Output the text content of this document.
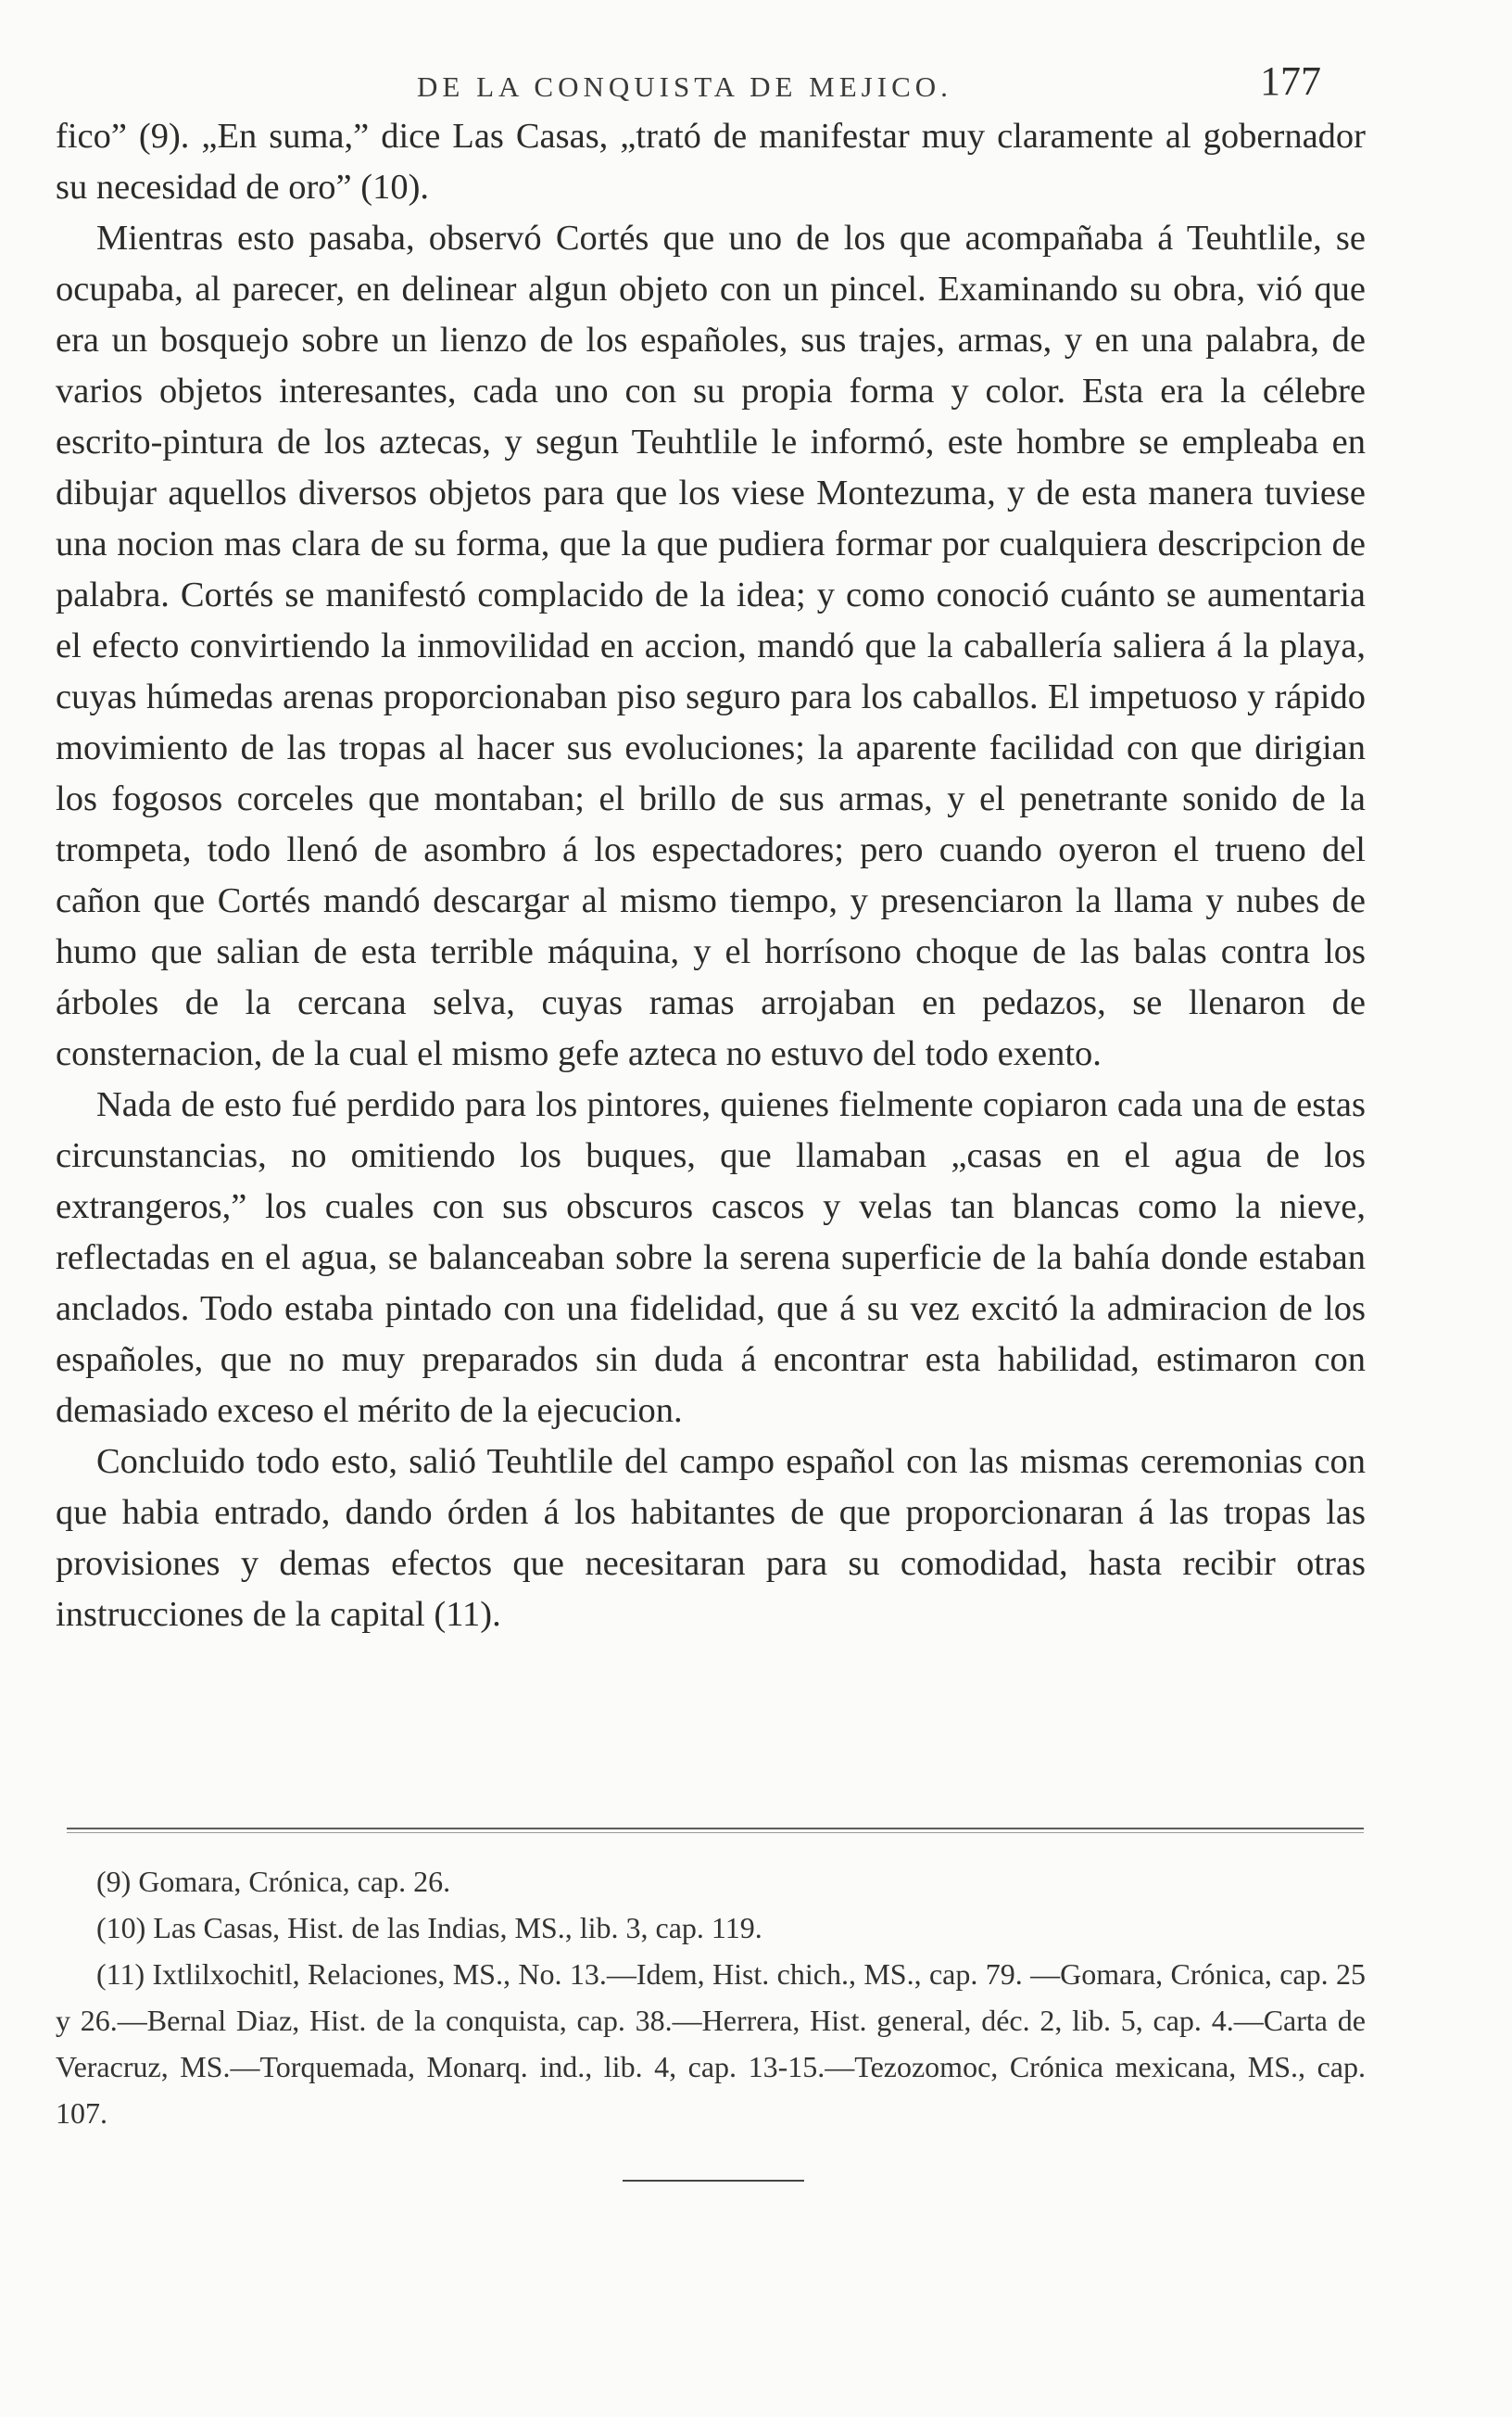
DE LA CONQUISTA DE MEJICO.	177

fico” (9). „En suma,” dice Las Casas, „trató de manifestar muy claramente al gobernador su necesidad de oro” (10).

Mientras esto pasaba, observó Cortés que uno de los que acompañaba á Teuhtlile, se ocupaba, al parecer, en delinear algun objeto con un pincel. Examinando su obra, vió que era un bosquejo sobre un lienzo de los españoles, sus trajes, armas, y en una palabra, de varios objetos interesantes, cada uno con su propia forma y color. Esta era la célebre escrito-pintura de los aztecas, y segun Teuhtlile le informó, este hombre se empleaba en dibujar aquellos diversos objetos para que los viese Montezuma, y de esta manera tuviese una nocion mas clara de su forma, que la que pudiera formar por cualquiera descripcion de palabra. Cortés se manifestó complacido de la idea; y como conoció cuánto se aumentaria el efecto convirtiendo la inmovilidad en accion, mandó que la caballería saliera á la playa, cuyas húmedas arenas proporcionaban piso seguro para los caballos. El impetuoso y rápido movimiento de las tropas al hacer sus evoluciones; la aparente facilidad con que dirigian los fogosos corceles que montaban; el brillo de sus armas, y el penetrante sonido de la trompeta, todo llenó de asombro á los espectadores; pero cuando oyeron el trueno del cañon que Cortés mandó descargar al mismo tiempo, y presenciaron la llama y nubes de humo que salian de esta terrible máquina, y el horrísono choque de las balas contra los árboles de la cercana selva, cuyas ramas arrojaban en pedazos, se llenaron de consternacion, de la cual el mismo gefe azteca no estuvo del todo exento.

Nada de esto fué perdido para los pintores, quienes fielmente copiaron cada una de estas circunstancias, no omitiendo los buques, que llamaban „casas en el agua de los extrangeros,” los cuales con sus obscuros cascos y velas tan blancas como la nieve, reflectadas en el agua, se balanceaban sobre la serena superficie de la bahía donde estaban anclados. Todo estaba pintado con una fidelidad, que á su vez excitó la admiracion de los españoles, que no muy preparados sin duda á encontrar esta habilidad, estimaron con demasiado exceso el mérito de la ejecucion.

Concluido todo esto, salió Teuhtlile del campo español con las mismas ceremonias con que habia entrado, dando órden á los habitantes de que proporcionaran á las tropas las provisiones y demas efectos que necesitaran para su comodidad, hasta recibir otras instrucciones de la capital (11).

(9) Gomara, Crónica, cap. 26.

(10) Las Casas, Hist. de las Indias, MS., lib. 3, cap. 119.

(11) Ixtlilxochitl, Relaciones, MS., No. 13.—Idem, Hist. chich., MS., cap. 79. —Gomara, Crónica, cap. 25 y 26.—Bernal Diaz, Hist. de la conquista, cap. 38.—Herrera, Hist. general, déc. 2, lib. 5, cap. 4.—Carta de Veracruz, MS.—Torquemada, Monarq. ind., lib. 4, cap. 13-15.—Tezozomoc, Crónica mexicana, MS., cap. 107.
